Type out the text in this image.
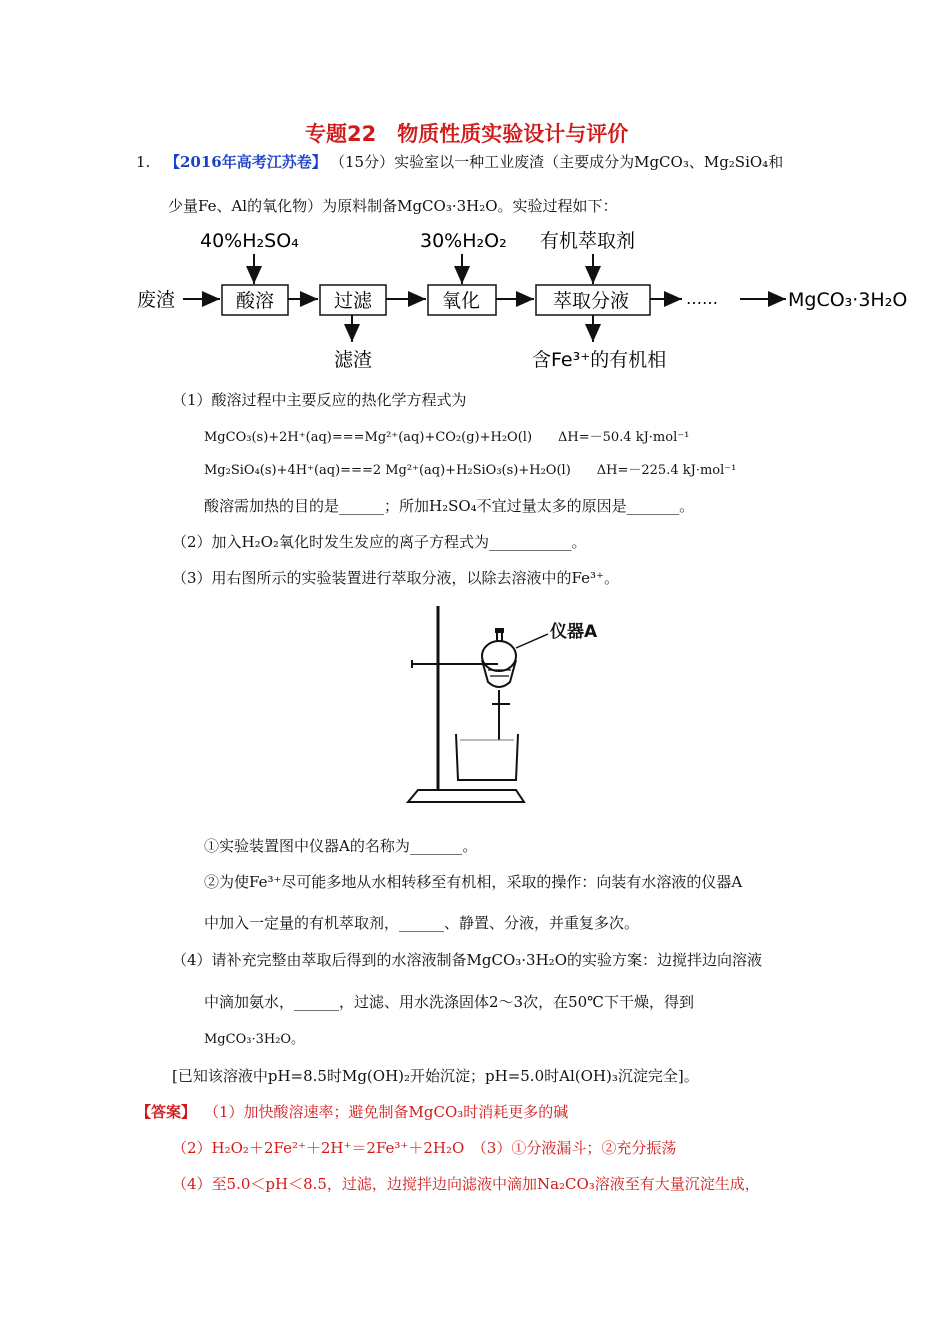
专题22　物质性质实验设计与评价
1. 【2016年高考江苏卷】 （15分）实验室以一种工业废渣（主要成分为MgCO₃、Mg₂SiO₄和
少量Fe、Al的氧化物）为原料制备MgCO₃·3H₂O。实验过程如下：
40%H₂SO₄	30%H₂O₂ 有机萃取剂
废渣	酸溶	过滤	氧化	萃取分液	……	MgCO₃·3H₂O
滤渣	含Fe³⁺的有机相
（1）酸溶过程中主要反应的热化学方程式为
MgCO₃(s)+2H⁺(aq)===Mg²⁺(aq)+CO₂(g)+H₂O(l)　　ΔH=－50.4 kJ·mol⁻¹
Mg₂SiO₄(s)+4H⁺(aq)===2 Mg²⁺(aq)+H₂SiO₃(s)+H₂O(l)　　ΔH=－225.4 kJ·mol⁻¹
酸溶需加热的目的是______；所加H₂SO₄不宜过量太多的原因是_______。
（2）加入H₂O₂氧化时发生发应的离子方程式为___________。
（3）用右图所示的实验装置进行萃取分液，以除去溶液中的Fe³⁺。
仪器A
①实验装置图中仪器A的名称为_______。
②为使Fe³⁺尽可能多地从水相转移至有机相，采取的操作：向装有水溶液的仪器A
中加入一定量的有机萃取剂，______、静置、分液，并重复多次。
（4）请补充完整由萃取后得到的水溶液制备MgCO₃·3H₂O的实验方案：边搅拌边向溶液
中滴加氨水，______，过滤、用水洗涤固体2～3次，在50℃下干燥，得到
MgCO₃·3H₂O。
[已知该溶液中pH=8.5时Mg(OH)₂开始沉淀；pH=5.0时Al(OH)₃沉淀完全]。
【答案】 （1）加快酸溶速率；避免制备MgCO₃时消耗更多的碱
（2）H₂O₂＋2Fe²⁺＋2H⁺＝2Fe³⁺＋2H₂O　（3）①分液漏斗；②充分振荡
（4）至5.0＜pH＜8.5，过滤，边搅拌边向滤液中滴加Na₂CO₃溶液至有大量沉淀生成，
